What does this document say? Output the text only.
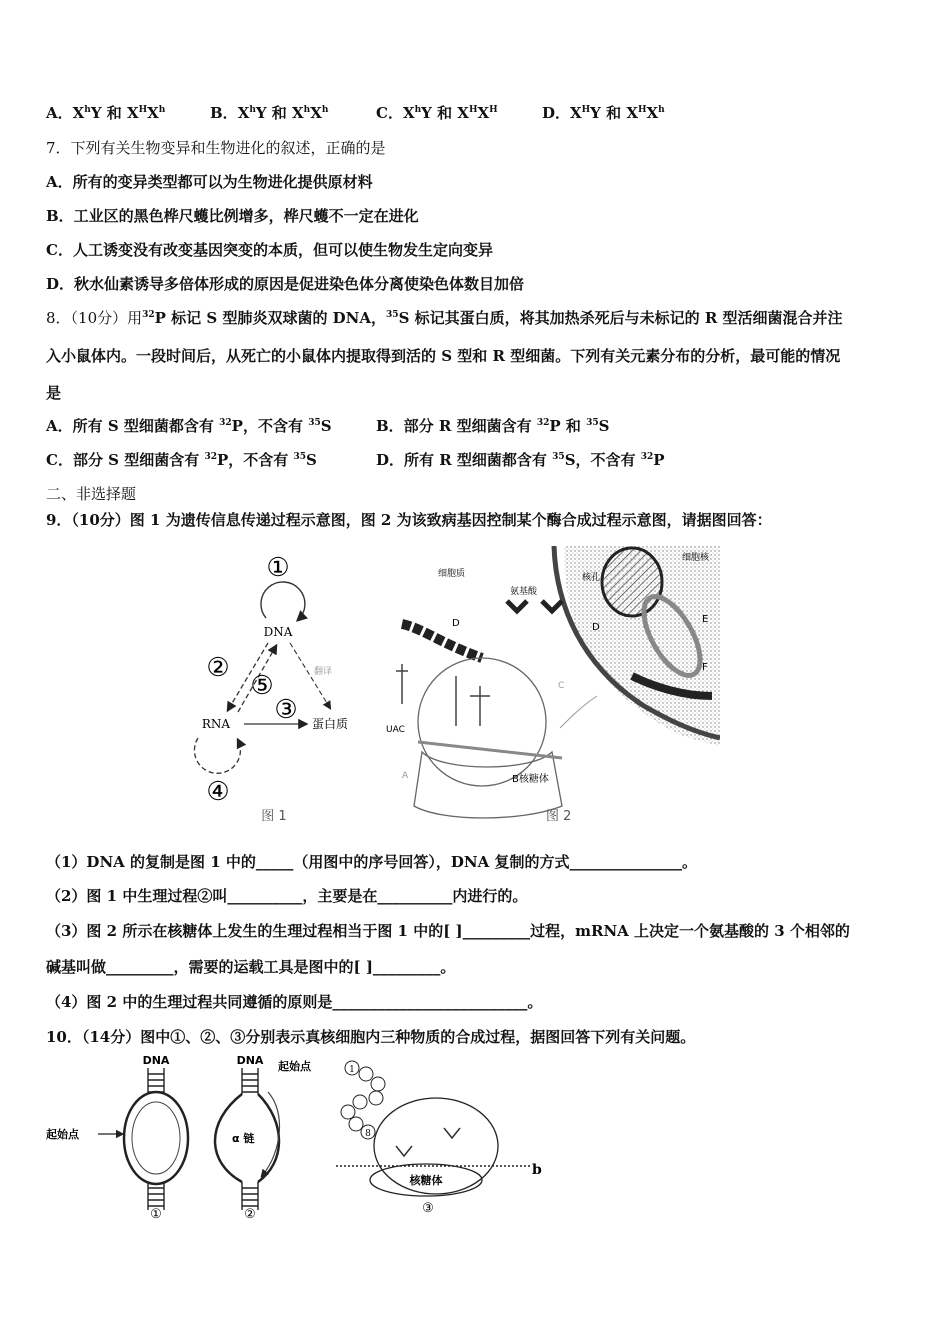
A．$X^hY$ 和 $X^HX^h$	B．$X^hY$ 和 $X^hX^h$	C．$X^hY$ 和 $X^HX^H$	D．$X^HY$ 和 $X^HX^h$
7．下列有关生物变异和生物进化的叙述，正确的是
A．所有的变异类型都可以为生物进化提供原材料
B．工业区的黑色桦尺蠖比例增多，桦尺蠖不一定在进化
C．人工诱变没有改变基因突变的本质，但可以使生物发生定向变异
D．秋水仙素诱导多倍体形成的原因是促进染色体分离使染色体数目加倍
8．（10分）用$^{32}$P 标记 S 型肺炎双球菌的 DNA，$^{35}$S 标记其蛋白质，将其加热杀死后与未标记的 R 型活细菌混合并注
入小鼠体内。一段时间后，从死亡的小鼠体内提取得到活的 S 型和 R 型细菌。下列有关元素分布的分析，最可能的情况
是
A．所有 S 型细菌都含有 $^{32}$P，不含有 $^{35}$S	B．部分 R 型细菌含有 $^{32}$P 和 $^{35}$S
C．部分 S 型细菌含有 $^{32}$P，不含有 $^{35}$S	D．所有 R 型细菌都含有 $^{35}$S，不含有 $^{32}$P
二、非选择题
9．（10分）图 1 为遗传信息传递过程示意图，图 2 为该致病基因控制某个酶合成过程示意图，请据图回答：
①
DNA
翻译
②
⑤
③
RNA	蛋白质
④
图 1
细胞核
核孔
E
F
D
细胞质
氨基酸
D
UAC
C
A	B核糖体
图 2
（1）DNA 的复制是图 1 中的_____（用图中的序号回答），DNA 复制的方式_______________。
（2）图 1 中生理过程②叫__________，主要是在__________内进行的。
（3）图 2 所示在核糖体上发生的生理过程相当于图 1 中的[ ]_________过程，mRNA 上决定一个氨基酸的 3 个相邻的
碱基叫做_________，需要的运载工具是图中的[ ]_________。
（4）图 2 中的生理过程共同遵循的原则是__________________________。
10．（14分）图中①、②、③分别表示真核细胞内三种物质的合成过程，据图回答下列有关问题。
DNA
起始点
①
DNA 起始点
α 链
②
1
8
核糖体
b
③
